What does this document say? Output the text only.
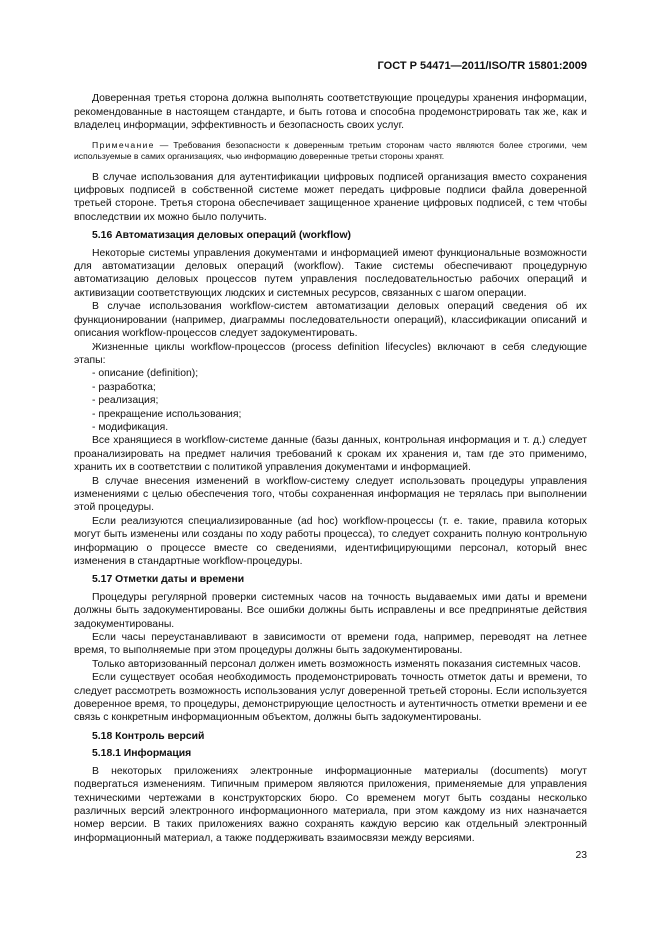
ГОСТ Р 54471—2011/ISO/TR 15801:2009

Доверенная третья сторона должна выполнять соответствующие процедуры хранения информации, рекомендованные в настоящем стандарте, и быть готова и способна продемонстрировать так же, как и владелец информации, эффективность и безопасность своих услуг.

Примечание — Требования безопасности к доверенным третьим сторонам часто являются более строгими, чем используемые в самих организациях, чью информацию доверенные третьи стороны хранят.

В случае использования для аутентификации цифровых подписей организация вместо сохранения цифровых подписей в собственной системе может передать цифровые подписи файла доверенной третьей стороне. Третья сторона обеспечивает защищенное хранение цифровых подписей, с тем чтобы впоследствии их можно было получить.

5.16 Автоматизация деловых операций (workflow)

Некоторые системы управления документами и информацией имеют функциональные возможности для автоматизации деловых операций (workflow). Такие системы обеспечивают процедурную автоматизацию деловых процессов путем управления последовательностью рабочих операций и активизации соответствующих людских и системных ресурсов, связанных с шагом операции.

В случае использования workflow-систем автоматизации деловых операций сведения об их функционировании (например, диаграммы последовательности операций), классификации описаний и описания workflow-процессов следует задокументировать.

Жизненные циклы workflow-процессов (process definition lifecycles) включают в себя следующие этапы:

- описание (definition);
- разработка;
- реализация;
- прекращение использования;
- модификация.

Все хранящиеся в workflow-системе данные (базы данных, контрольная информация и т. д.) следует проанализировать на предмет наличия требований к срокам их хранения и, там где это применимо, хранить их в соответствии с политикой управления документами и информацией.

В случае внесения изменений в workflow-систему следует использовать процедуры управления изменениями с целью обеспечения того, чтобы сохраненная информация не терялась при выполнении этой процедуры.

Если реализуются специализированные (ad hoc) workflow-процессы (т. е. такие, правила которых могут быть изменены или созданы по ходу работы процесса), то следует сохранить полную контрольную информацию о процессе вместе со сведениями, идентифицирующими персонал, который внес изменения в стандартные workflow-процедуры.

5.17 Отметки даты и времени

Процедуры регулярной проверки системных часов на точность выдаваемых ими даты и времени должны быть задокументированы. Все ошибки должны быть исправлены и все предпринятые действия задокументированы.

Если часы переустанавливают в зависимости от времени года, например, переводят на летнее время, то выполняемые при этом процедуры должны быть задокументированы.

Только авторизованный персонал должен иметь возможность изменять показания системных часов.

Если существует особая необходимость продемонстрировать точность отметок даты и времени, то следует рассмотреть возможность использования услуг доверенной третьей стороны. Если используется доверенное время, то процедуры, демонстрирующие целостность и аутентичность отметки времени и ее связь с конкретным информационным объектом, должны быть задокументированы.

5.18 Контроль версий
5.18.1 Информация

В некоторых приложениях электронные информационные материалы (documents) могут подвергаться изменениям. Типичным примером являются приложения, применяемые для управления техническими чертежами в конструкторских бюро. Со временем могут быть созданы несколько различных версий электронного информационного материала, при этом каждому из них назначается номер версии. В таких приложениях важно сохранять каждую версию как отдельный электронный информационный материал, а также поддерживать взаимосвязи между версиями.

23
